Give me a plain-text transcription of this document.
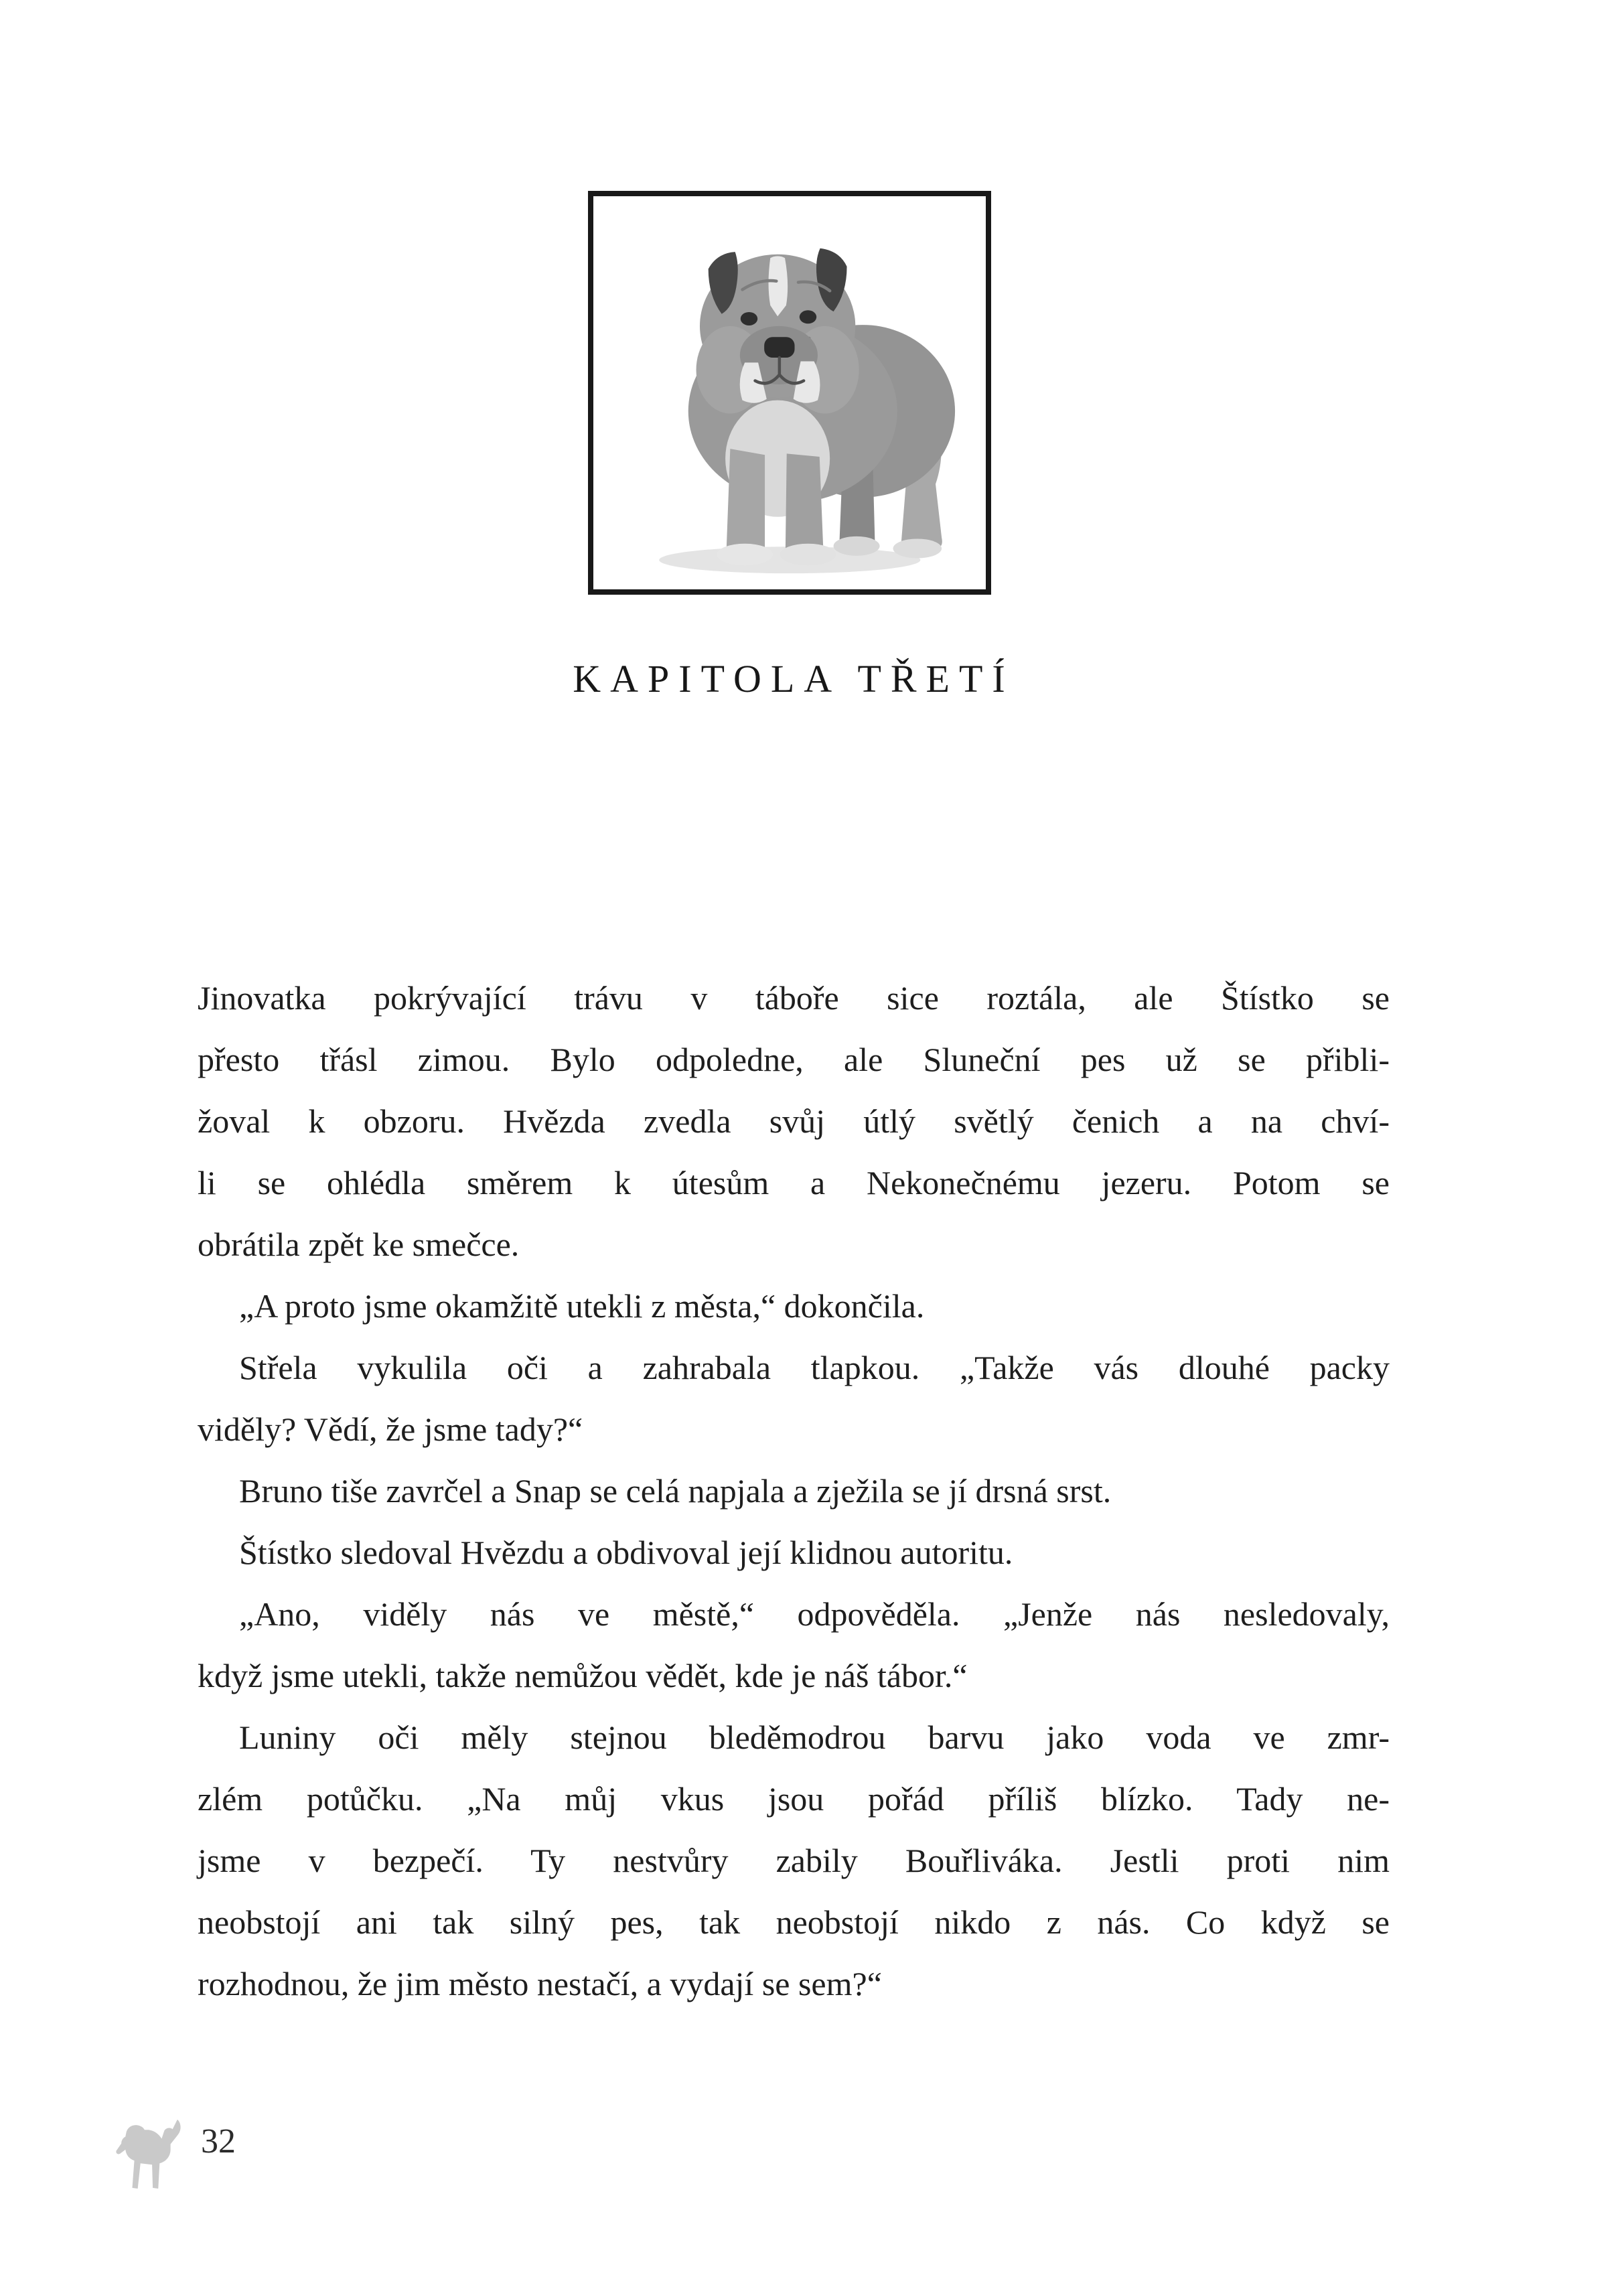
KAPITOLA TŘETÍ
Jinovatka pokrývající trávu v táboře sice roztála, ale Štístko se
přesto třásl zimou. Bylo odpoledne, ale Sluneční pes už se přibli-
žoval k obzoru. Hvězda zvedla svůj útlý světlý čenich a na chví-
li se ohlédla směrem k útesům a Nekonečnému jezeru. Potom se
obrátila zpět ke smečce.
„A proto jsme okamžitě utekli z města,“ dokončila.
Střela vykulila oči a zahrabala tlapkou. „Takže vás dlouhé packy
viděly? Vědí, že jsme tady?“
Bruno tiše zavrčel a Snap se celá napjala a zježila se jí drsná srst.
Štístko sledoval Hvězdu a obdivoval její klidnou autoritu.
„Ano, viděly nás ve městě,“ odpověděla. „Jenže nás nesledovaly,
když jsme utekli, takže nemůžou vědět, kde je náš tábor.“
Luniny oči měly stejnou bleděmodrou barvu jako voda ve zmr-
zlém potůčku. „Na můj vkus jsou pořád příliš blízko. Tady ne-
jsme v bezpečí. Ty nestvůry zabily Bouřliváka. Jestli proti nim
neobstojí ani tak silný pes, tak neobstojí nikdo z nás. Co když se
rozhodnou, že jim město nestačí, a vydají se sem?“
32
